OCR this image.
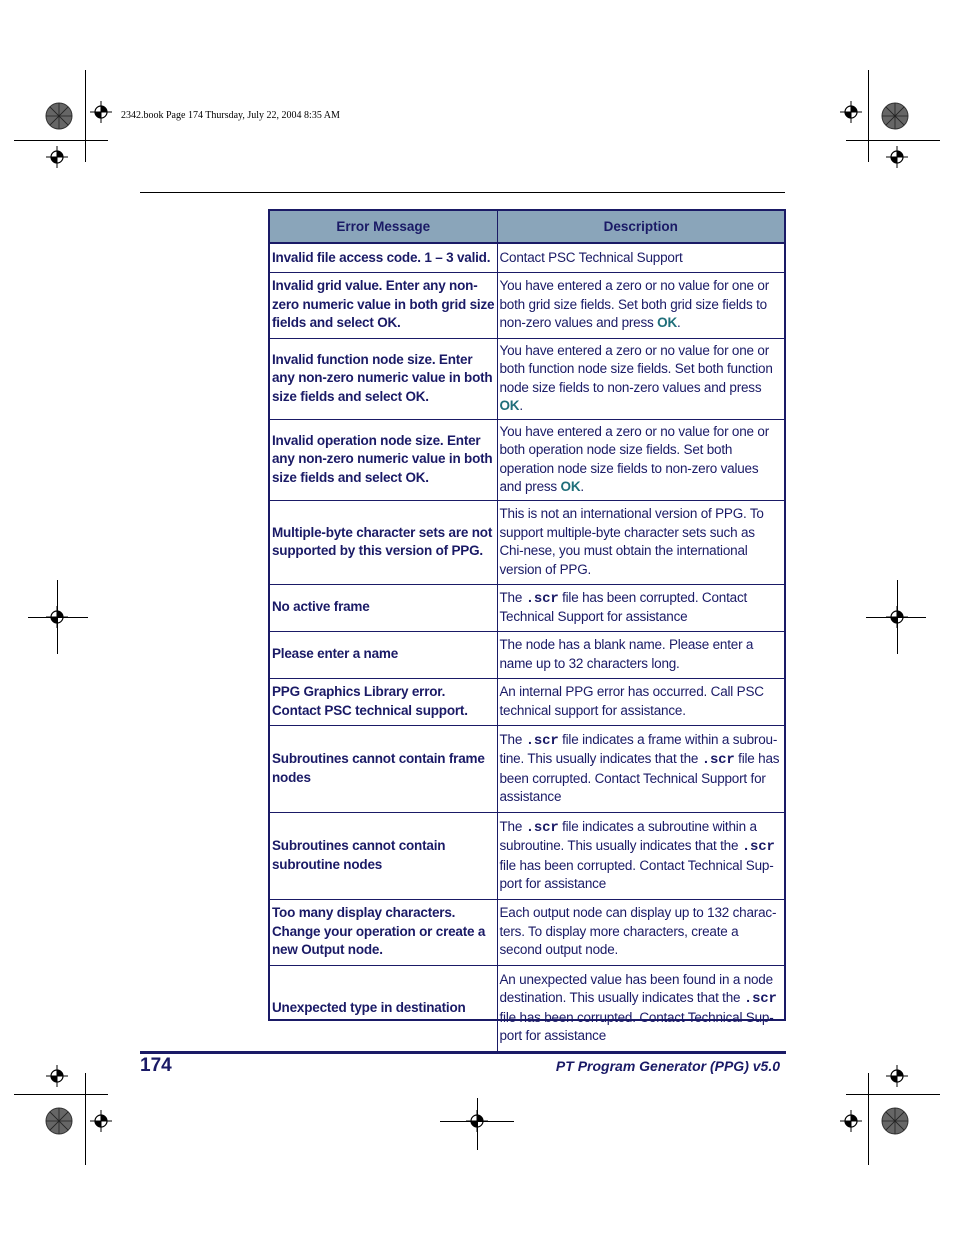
2342.book Page 174 Thursday, July 22, 2004 8:35 AM
Error Message	Description
Invalid file access code. 1 – 3 valid.	Contact PSC Technical Support
Invalid grid value. Enter any non-zero numeric value in both grid size fields and select OK.	You have entered a zero or no value for one or both grid size fields. Set both grid size fields to non-zero values and press OK.
Invalid function node size. Enter any non-zero numeric value in both size fields and select OK.	You have entered a zero or no value for one or both function node size fields. Set both function node size fields to non-zero values and press OK.
Invalid operation node size. Enter any non-zero numeric value in both size fields and select OK.	You have entered a zero or no value for one or both operation node size fields. Set both operation node size fields to non-zero values and press OK.
Multiple-byte character sets are not supported by this version of PPG.	This is not an international version of PPG. To support multiple-byte character sets such as Chi-nese, you must obtain the international version of PPG.
No active frame	The .scr file has been corrupted. Contact Technical Support for assistance
Please enter a name	The node has a blank name. Please enter a name up to 32 characters long.
PPG Graphics Library error. Contact PSC technical support.	An internal PPG error has occurred. Call PSC technical support for assistance.
Subroutines cannot contain frame nodes	The .scr file indicates a frame within a subrou-tine. This usually indicates that the .scr file has been corrupted. Contact Technical Support for assistance
Subroutines cannot contain subroutine nodes	The .scr file indicates a subroutine within a subroutine. This usually indicates that the .scr file has been corrupted. Contact Technical Sup-port for assistance
Too many display characters. Change your operation or create a new Output node.	Each output node can display up to 132 charac-ters. To display more characters, create a second output node.
Unexpected type in destination	An unexpected value has been found in a node destination. This usually indicates that the .scr file has been corrupted. Contact Technical Sup-port for assistance
174	PT Program Generator (PPG) v5.0
